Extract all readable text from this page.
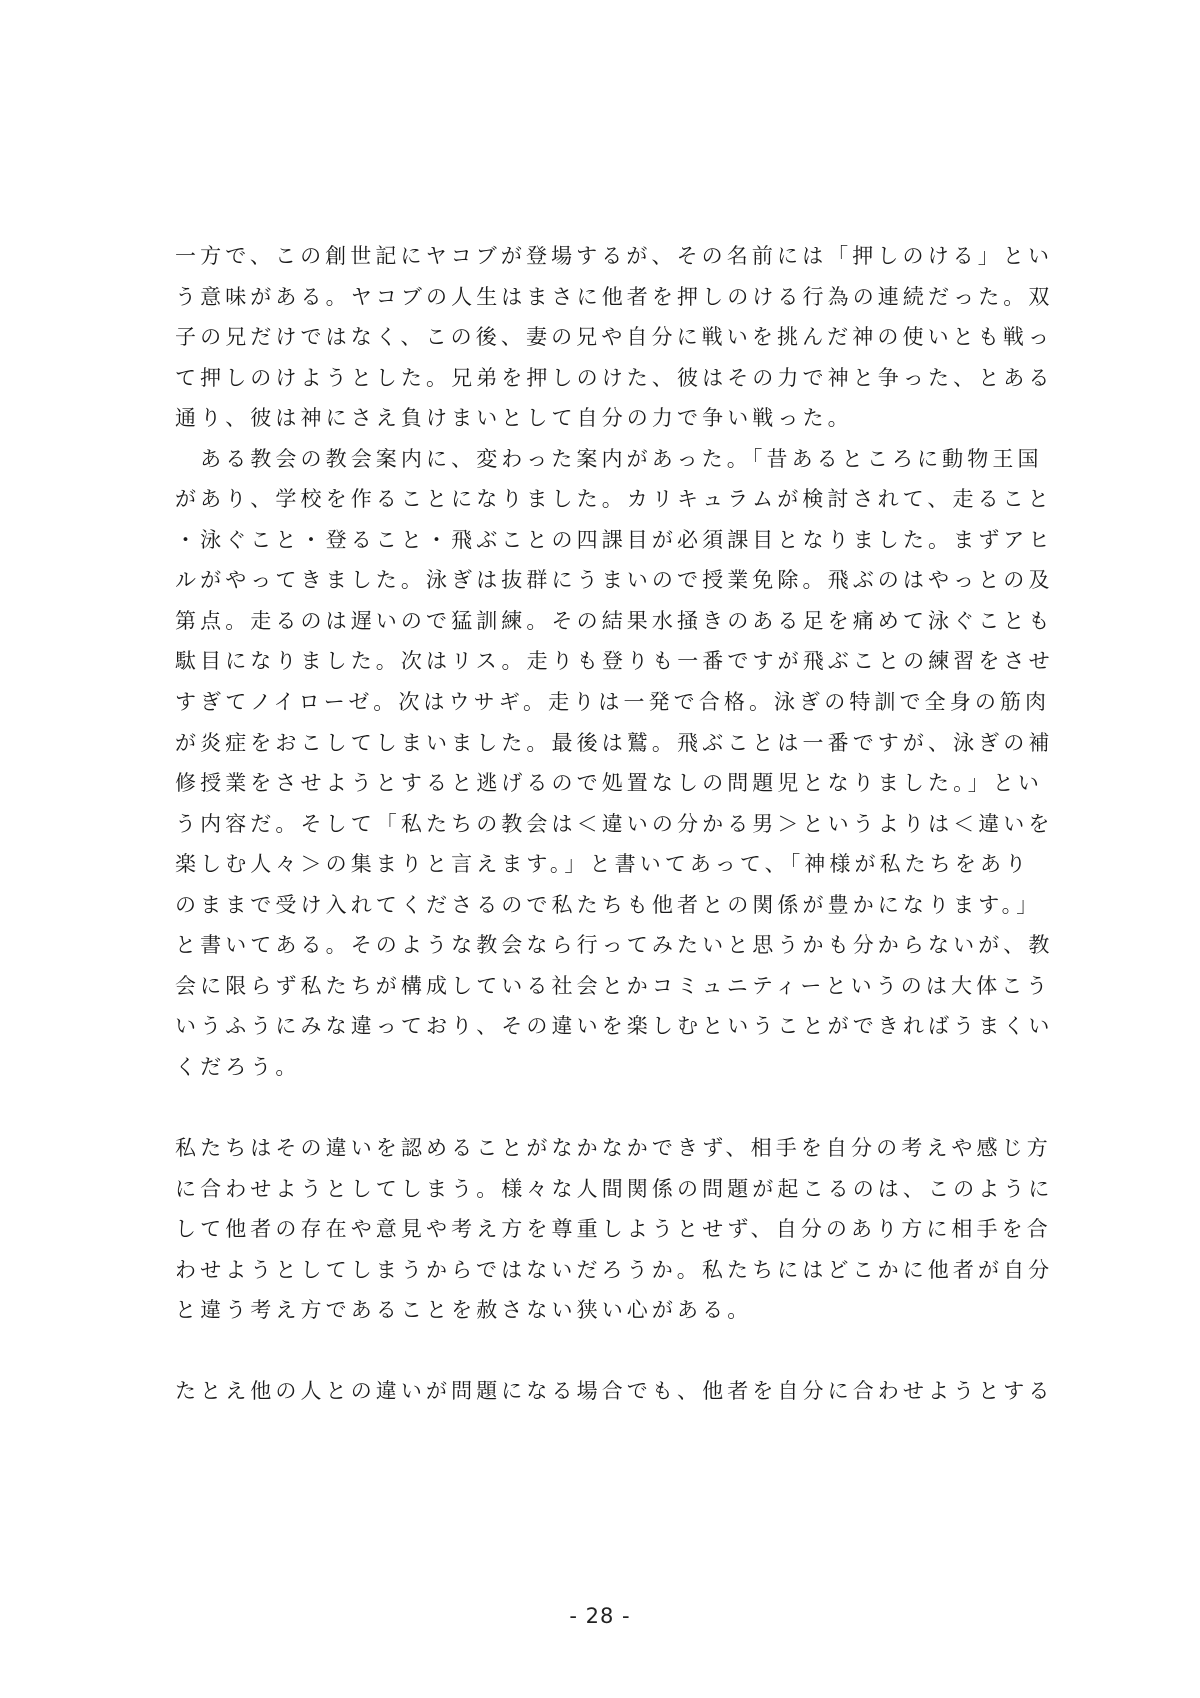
一方で、この創世記にヤコブが登場するが、その名前には「押しのける」とい
う意味がある。ヤコブの人生はまさに他者を押しのける行為の連続だった。双
子の兄だけではなく、この後、妻の兄や自分に戦いを挑んだ神の使いとも戦っ
て押しのけようとした。兄弟を押しのけた、彼はその力で神と争った、とある
通り、彼は神にさえ負けまいとして自分の力で争い戦った。
　ある教会の教会案内に、変わった案内があった。「昔あるところに動物王国
があり、学校を作ることになりました。カリキュラムが検討されて、走ること
・泳ぐこと・登ること・飛ぶことの四課目が必須課目となりました。まずアヒ
ルがやってきました。泳ぎは抜群にうまいので授業免除。飛ぶのはやっとの及
第点。走るのは遅いので猛訓練。その結果水掻きのある足を痛めて泳ぐことも
駄目になりました。次はリス。走りも登りも一番ですが飛ぶことの練習をさせ
すぎてノイローゼ。次はウサギ。走りは一発で合格。泳ぎの特訓で全身の筋肉
が炎症をおこしてしまいました。最後は鷲。飛ぶことは一番ですが、泳ぎの補
修授業をさせようとすると逃げるので処置なしの問題児となりました。」とい
う内容だ。そして「私たちの教会は＜違いの分かる男＞というよりは＜違いを
楽しむ人々＞の集まりと言えます。」と書いてあって、「神様が私たちをあり
のままで受け入れてくださるので私たちも他者との関係が豊かになります。」
と書いてある。そのような教会なら行ってみたいと思うかも分からないが、教
会に限らず私たちが構成している社会とかコミュニティーというのは大体こう
いうふうにみな違っており、その違いを楽しむということができればうまくい
くだろう。
私たちはその違いを認めることがなかなかできず、相手を自分の考えや感じ方
に合わせようとしてしまう。様々な人間関係の問題が起こるのは、このように
して他者の存在や意見や考え方を尊重しようとせず、自分のあり方に相手を合
わせようとしてしまうからではないだろうか。私たちにはどこかに他者が自分
と違う考え方であることを赦さない狭い心がある。
たとえ他の人との違いが問題になる場合でも、他者を自分に合わせようとする
- 28 -
